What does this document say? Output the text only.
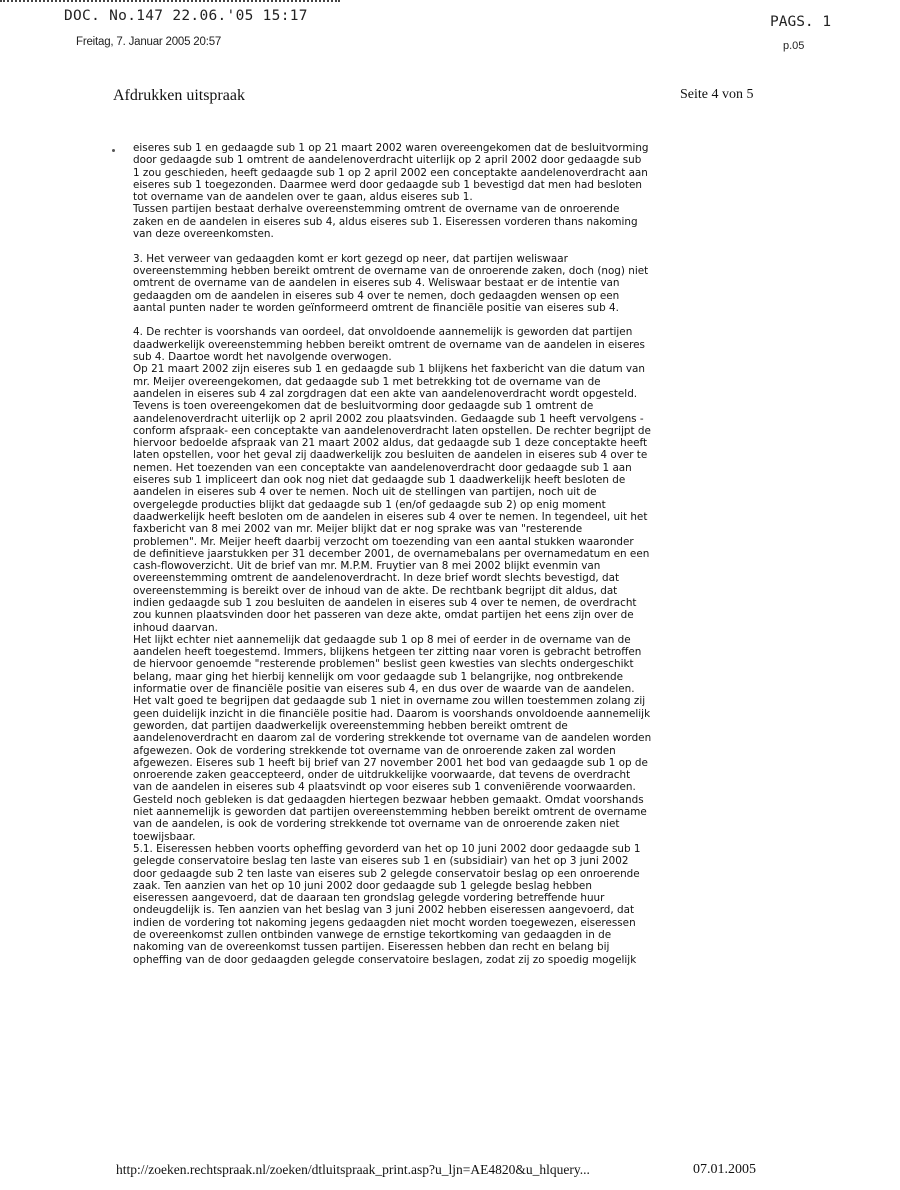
DOC. No.147 22.06.'05 15:17	PAGS. 1
p.05
Freitag, 7. Januar 2005 20:57
Afdrukken uitspraak	Seite 4 von 5
eiseres sub 1 en gedaagde sub 1 op 21 maart 2002 waren overeengekomen dat de besluitvorming
door gedaagde sub 1 omtrent de aandelenoverdracht uiterlijk op 2 april 2002 door gedaagde sub
1 zou geschieden, heeft gedaagde sub 1 op 2 april 2002 een conceptakte aandelenoverdracht aan
eiseres sub 1 toegezonden. Daarmee werd door gedaagde sub 1 bevestigd dat men had besloten
tot overname van de aandelen over te gaan, aldus eiseres sub 1.
Tussen partijen bestaat derhalve overeenstemming omtrent de overname van de onroerende
zaken en de aandelen in eiseres sub 4, aldus eiseres sub 1. Eiseressen vorderen thans nakoming
van deze overeenkomsten.
3. Het verweer van gedaagden komt er kort gezegd op neer, dat partijen weliswaar
overeenstemming hebben bereikt omtrent de overname van de onroerende zaken, doch (nog) niet
omtrent de overname van de aandelen in eiseres sub 4. Weliswaar bestaat er de intentie van
gedaagden om de aandelen in eiseres sub 4 over te nemen, doch gedaagden wensen op een
aantal punten nader te worden geïnformeerd omtrent de financiële positie van eiseres sub 4.
4. De rechter is voorshands van oordeel, dat onvoldoende aannemelijk is geworden dat partijen
daadwerkelijk overeenstemming hebben bereikt omtrent de overname van de aandelen in eiseres
sub 4. Daartoe wordt het navolgende overwogen.
Op 21 maart 2002 zijn eiseres sub 1 en gedaagde sub 1 blijkens het faxbericht van die datum van
mr. Meijer overeengekomen, dat gedaagde sub 1 met betrekking tot de overname van de
aandelen in eiseres sub 4 zal zorgdragen dat een akte van aandelenoverdracht wordt opgesteld.
Tevens is toen overeengekomen dat de besluitvorming door gedaagde sub 1 omtrent de
aandelenoverdracht uiterlijk op 2 april 2002 zou plaatsvinden. Gedaagde sub 1 heeft vervolgens -
conform afspraak- een conceptakte van aandelenoverdracht laten opstellen. De rechter begrijpt de
hiervoor bedoelde afspraak van 21 maart 2002 aldus, dat gedaagde sub 1 deze conceptakte heeft
laten opstellen, voor het geval zij daadwerkelijk zou besluiten de aandelen in eiseres sub 4 over te
nemen. Het toezenden van een conceptakte van aandelenoverdracht door gedaagde sub 1 aan
eiseres sub 1 impliceert dan ook nog niet dat gedaagde sub 1 daadwerkelijk heeft besloten de
aandelen in eiseres sub 4 over te nemen. Noch uit de stellingen van partijen, noch uit de
overgelegde producties blijkt dat gedaagde sub 1 (en/of gedaagde sub 2) op enig moment
daadwerkelijk heeft besloten om de aandelen in eiseres sub 4 over te nemen. In tegendeel, uit het
faxbericht van 8 mei 2002 van mr. Meijer blijkt dat er nog sprake was van "resterende
problemen". Mr. Meijer heeft daarbij verzocht om toezending van een aantal stukken waaronder
de definitieve jaarstukken per 31 december 2001, de overnamebalans per overnamedatum en een
cash-flowoverzicht. Uit de brief van mr. M.P.M. Fruytier van 8 mei 2002 blijkt evenmin van
overeenstemming omtrent de aandelenoverdracht. In deze brief wordt slechts bevestigd, dat
overeenstemming is bereikt over de inhoud van de akte. De rechtbank begrijpt dit aldus, dat
indien gedaagde sub 1 zou besluiten de aandelen in eiseres sub 4 over te nemen, de overdracht
zou kunnen plaatsvinden door het passeren van deze akte, omdat partijen het eens zijn over de
inhoud daarvan.
Het lijkt echter niet aannemelijk dat gedaagde sub 1 op 8 mei of eerder in de overname van de
aandelen heeft toegestemd. Immers, blijkens hetgeen ter zitting naar voren is gebracht betroffen
de hiervoor genoemde "resterende problemen" beslist geen kwesties van slechts ondergeschikt
belang, maar ging het hierbij kennelijk om voor gedaagde sub 1 belangrijke, nog ontbrekende
informatie over de financiële positie van eiseres sub 4, en dus over de waarde van de aandelen.
Het valt goed te begrijpen dat gedaagde sub 1 niet in overname zou willen toestemmen zolang zij
geen duidelijk inzicht in die financiële positie had. Daarom is voorshands onvoldoende aannemelijk
geworden, dat partijen daadwerkelijk overeenstemming hebben bereikt omtrent de
aandelenoverdracht en daarom zal de vordering strekkende tot overname van de aandelen worden
afgewezen. Ook de vordering strekkende tot overname van de onroerende zaken zal worden
afgewezen. Eiseres sub 1 heeft bij brief van 27 november 2001 het bod van gedaagde sub 1 op de
onroerende zaken geaccepteerd, onder de uitdrukkelijke voorwaarde, dat tevens de overdracht
van de aandelen in eiseres sub 4 plaatsvindt op voor eiseres sub 1 conveniërende voorwaarden.
Gesteld noch gebleken is dat gedaagden hiertegen bezwaar hebben gemaakt. Omdat voorshands
niet aannemelijk is geworden dat partijen overeenstemming hebben bereikt omtrent de overname
van de aandelen, is ook de vordering strekkende tot overname van de onroerende zaken niet
toewijsbaar.
5.1. Eiseressen hebben voorts opheffing gevorderd van het op 10 juni 2002 door gedaagde sub 1
gelegde conservatoire beslag ten laste van eiseres sub 1 en (subsidiair) van het op 3 juni 2002
door gedaagde sub 2 ten laste van eiseres sub 2 gelegde conservatoir beslag op een onroerende
zaak. Ten aanzien van het op 10 juni 2002 door gedaagde sub 1 gelegde beslag hebben
eiseressen aangevoerd, dat de daaraan ten grondslag gelegde vordering betreffende huur
ondeugdelijk is. Ten aanzien van het beslag van 3 juni 2002 hebben eiseressen aangevoerd, dat
indien de vordering tot nakoming jegens gedaagden niet mocht worden toegewezen, eiseressen
de overeenkomst zullen ontbinden vanwege de ernstige tekortkoming van gedaagden in de
nakoming van de overeenkomst tussen partijen. Eiseressen hebben dan recht en belang bij
opheffing van de door gedaagden gelegde conservatoire beslagen, zodat zij zo spoedig mogelijk
http://zoeken.rechtspraak.nl/zoeken/dtluitspraak_print.asp?u_ljn=AE4820&u_hlquery...	07.01.2005
